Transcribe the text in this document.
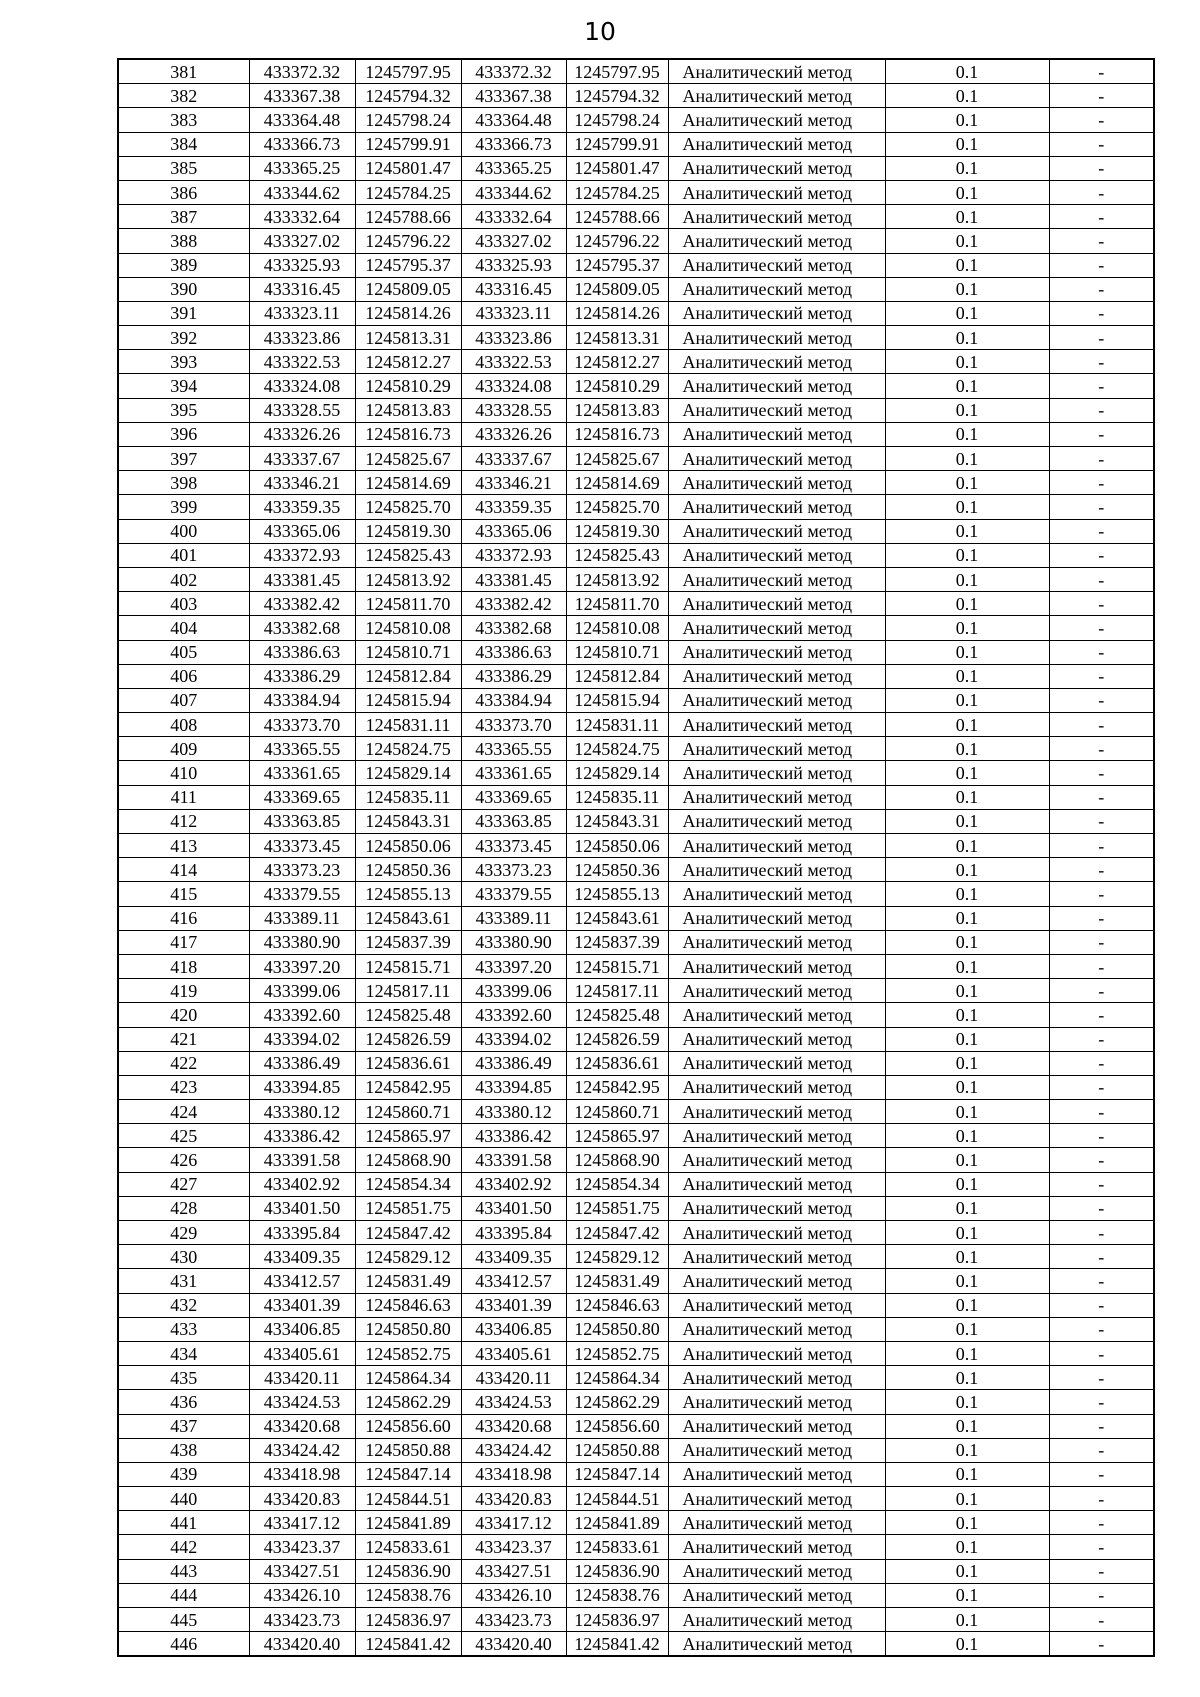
10
381	433372.32	1245797.95	433372.32	1245797.95	Аналитический метод	0.1	-
382	433367.38	1245794.32	433367.38	1245794.32	Аналитический метод	0.1	-
383	433364.48	1245798.24	433364.48	1245798.24	Аналитический метод	0.1	-
384	433366.73	1245799.91	433366.73	1245799.91	Аналитический метод	0.1	-
385	433365.25	1245801.47	433365.25	1245801.47	Аналитический метод	0.1	-
386	433344.62	1245784.25	433344.62	1245784.25	Аналитический метод	0.1	-
387	433332.64	1245788.66	433332.64	1245788.66	Аналитический метод	0.1	-
388	433327.02	1245796.22	433327.02	1245796.22	Аналитический метод	0.1	-
389	433325.93	1245795.37	433325.93	1245795.37	Аналитический метод	0.1	-
390	433316.45	1245809.05	433316.45	1245809.05	Аналитический метод	0.1	-
391	433323.11	1245814.26	433323.11	1245814.26	Аналитический метод	0.1	-
392	433323.86	1245813.31	433323.86	1245813.31	Аналитический метод	0.1	-
393	433322.53	1245812.27	433322.53	1245812.27	Аналитический метод	0.1	-
394	433324.08	1245810.29	433324.08	1245810.29	Аналитический метод	0.1	-
395	433328.55	1245813.83	433328.55	1245813.83	Аналитический метод	0.1	-
396	433326.26	1245816.73	433326.26	1245816.73	Аналитический метод	0.1	-
397	433337.67	1245825.67	433337.67	1245825.67	Аналитический метод	0.1	-
398	433346.21	1245814.69	433346.21	1245814.69	Аналитический метод	0.1	-
399	433359.35	1245825.70	433359.35	1245825.70	Аналитический метод	0.1	-
400	433365.06	1245819.30	433365.06	1245819.30	Аналитический метод	0.1	-
401	433372.93	1245825.43	433372.93	1245825.43	Аналитический метод	0.1	-
402	433381.45	1245813.92	433381.45	1245813.92	Аналитический метод	0.1	-
403	433382.42	1245811.70	433382.42	1245811.70	Аналитический метод	0.1	-
404	433382.68	1245810.08	433382.68	1245810.08	Аналитический метод	0.1	-
405	433386.63	1245810.71	433386.63	1245810.71	Аналитический метод	0.1	-
406	433386.29	1245812.84	433386.29	1245812.84	Аналитический метод	0.1	-
407	433384.94	1245815.94	433384.94	1245815.94	Аналитический метод	0.1	-
408	433373.70	1245831.11	433373.70	1245831.11	Аналитический метод	0.1	-
409	433365.55	1245824.75	433365.55	1245824.75	Аналитический метод	0.1	-
410	433361.65	1245829.14	433361.65	1245829.14	Аналитический метод	0.1	-
411	433369.65	1245835.11	433369.65	1245835.11	Аналитический метод	0.1	-
412	433363.85	1245843.31	433363.85	1245843.31	Аналитический метод	0.1	-
413	433373.45	1245850.06	433373.45	1245850.06	Аналитический метод	0.1	-
414	433373.23	1245850.36	433373.23	1245850.36	Аналитический метод	0.1	-
415	433379.55	1245855.13	433379.55	1245855.13	Аналитический метод	0.1	-
416	433389.11	1245843.61	433389.11	1245843.61	Аналитический метод	0.1	-
417	433380.90	1245837.39	433380.90	1245837.39	Аналитический метод	0.1	-
418	433397.20	1245815.71	433397.20	1245815.71	Аналитический метод	0.1	-
419	433399.06	1245817.11	433399.06	1245817.11	Аналитический метод	0.1	-
420	433392.60	1245825.48	433392.60	1245825.48	Аналитический метод	0.1	-
421	433394.02	1245826.59	433394.02	1245826.59	Аналитический метод	0.1	-
422	433386.49	1245836.61	433386.49	1245836.61	Аналитический метод	0.1	-
423	433394.85	1245842.95	433394.85	1245842.95	Аналитический метод	0.1	-
424	433380.12	1245860.71	433380.12	1245860.71	Аналитический метод	0.1	-
425	433386.42	1245865.97	433386.42	1245865.97	Аналитический метод	0.1	-
426	433391.58	1245868.90	433391.58	1245868.90	Аналитический метод	0.1	-
427	433402.92	1245854.34	433402.92	1245854.34	Аналитический метод	0.1	-
428	433401.50	1245851.75	433401.50	1245851.75	Аналитический метод	0.1	-
429	433395.84	1245847.42	433395.84	1245847.42	Аналитический метод	0.1	-
430	433409.35	1245829.12	433409.35	1245829.12	Аналитический метод	0.1	-
431	433412.57	1245831.49	433412.57	1245831.49	Аналитический метод	0.1	-
432	433401.39	1245846.63	433401.39	1245846.63	Аналитический метод	0.1	-
433	433406.85	1245850.80	433406.85	1245850.80	Аналитический метод	0.1	-
434	433405.61	1245852.75	433405.61	1245852.75	Аналитический метод	0.1	-
435	433420.11	1245864.34	433420.11	1245864.34	Аналитический метод	0.1	-
436	433424.53	1245862.29	433424.53	1245862.29	Аналитический метод	0.1	-
437	433420.68	1245856.60	433420.68	1245856.60	Аналитический метод	0.1	-
438	433424.42	1245850.88	433424.42	1245850.88	Аналитический метод	0.1	-
439	433418.98	1245847.14	433418.98	1245847.14	Аналитический метод	0.1	-
440	433420.83	1245844.51	433420.83	1245844.51	Аналитический метод	0.1	-
441	433417.12	1245841.89	433417.12	1245841.89	Аналитический метод	0.1	-
442	433423.37	1245833.61	433423.37	1245833.61	Аналитический метод	0.1	-
443	433427.51	1245836.90	433427.51	1245836.90	Аналитический метод	0.1	-
444	433426.10	1245838.76	433426.10	1245838.76	Аналитический метод	0.1	-
445	433423.73	1245836.97	433423.73	1245836.97	Аналитический метод	0.1	-
446	433420.40	1245841.42	433420.40	1245841.42	Аналитический метод	0.1	-
